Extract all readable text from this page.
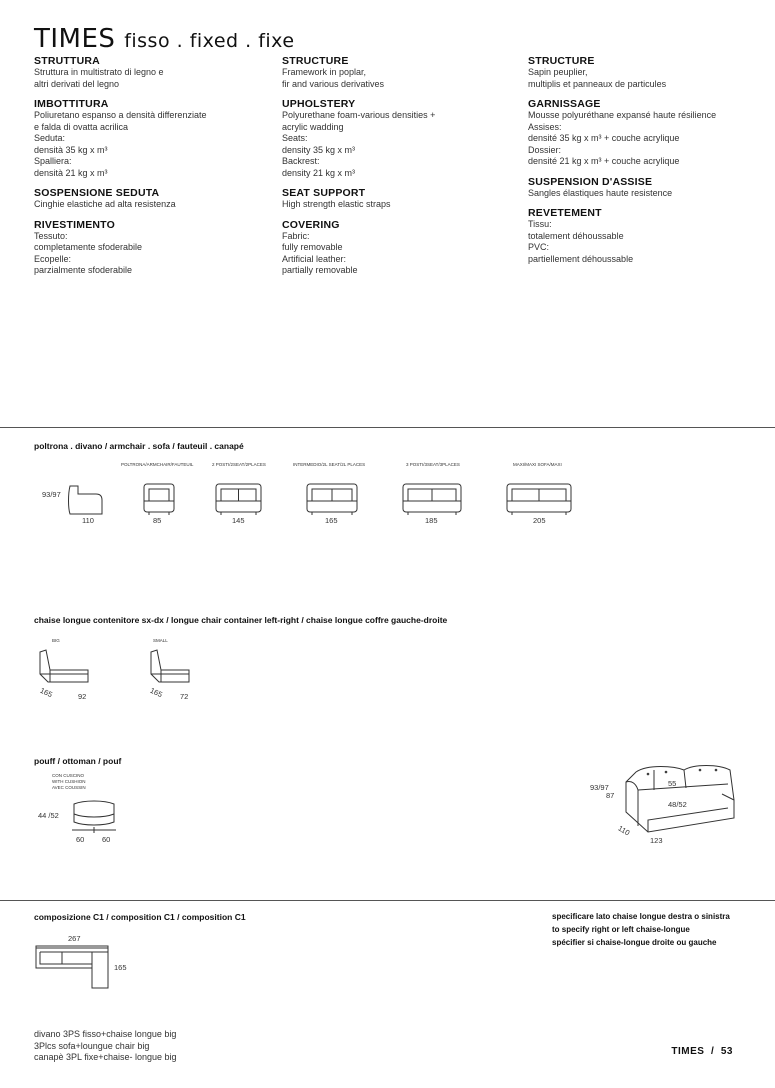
TIMES fisso . fixed . fixe
STRUTTURA

Struttura in multistrato di legno e
altri derivati del legno

IMBOTTITURA

Poliuretano espanso a densità differenziate
e falda di ovatta acrilica
Seduta:
densità 35 kg x m³
Spalliera:
densità 21 kg x m³

SOSPENSIONE SEDUTA

Cinghie elastiche ad alta resistenza

RIVESTIMENTO

Tessuto:
completamente sfoderabile
Ecopelle:
parzialmente sfoderabile

STRUCTURE

Framework in poplar,
fir and various derivatives

UPHOLSTERY

Polyurethane foam-various densities +
acrylic wadding
Seats:
density 35 kg x m³
Backrest:
density 21 kg x m³

SEAT SUPPORT

High strength elastic straps

COVERING

Fabric:
fully removable
Artificial leather:
partially removable

STRUCTURE

Sapin peuplier,
multiplis et panneaux de particules

GARNISSAGE

Mousse polyuréthane expansé haute résilience
Assises:
densité 35 kg x m³ + couche acrylique
Dossier:
densité 21 kg x m³ + couche acrylique

SUSPENSION D'ASSISE

Sangles élastiques haute resistence

REVETEMENT

Tissu:
totalement déhoussable
PVC:
partiellement déhoussable

poltrona . divano / armchair . sofa / fauteuil . canapé
POLTRONA/ARMCHAIR/FAUTEUIL	2 POSTI/2SEAT/2PLACES	INTERMEDIO/2L SEAT/2L PLACES	3 POSTI/3SEAT/3PLACES	MAXI/MAXI SOFA/MAXI
93/97
110	85	145	165	185	205
chaise longue contenitore sx-dx / longue chair container left-right / chaise longue coffre gauche-droite
BIG
165	92
SMALL
165 72
pouff / ottoman / pouf
CON CUSCINO
WITH CUSHION
AVEC COUSSIN
44 /52
60 60
93/97
87
55
48/52
110
123
composizione C1 / composition C1 / composition C1
267
165
specificare lato chaise longue destra o sinistra
to specify right or left chaise-longue
spécifier si chaise-longue droite ou gauche
divano 3PS fisso+chaise longue big
3Plcs sofa+loungue chair big
canapè 3PL fixe+chaise- longue big	TIMES  /  53
